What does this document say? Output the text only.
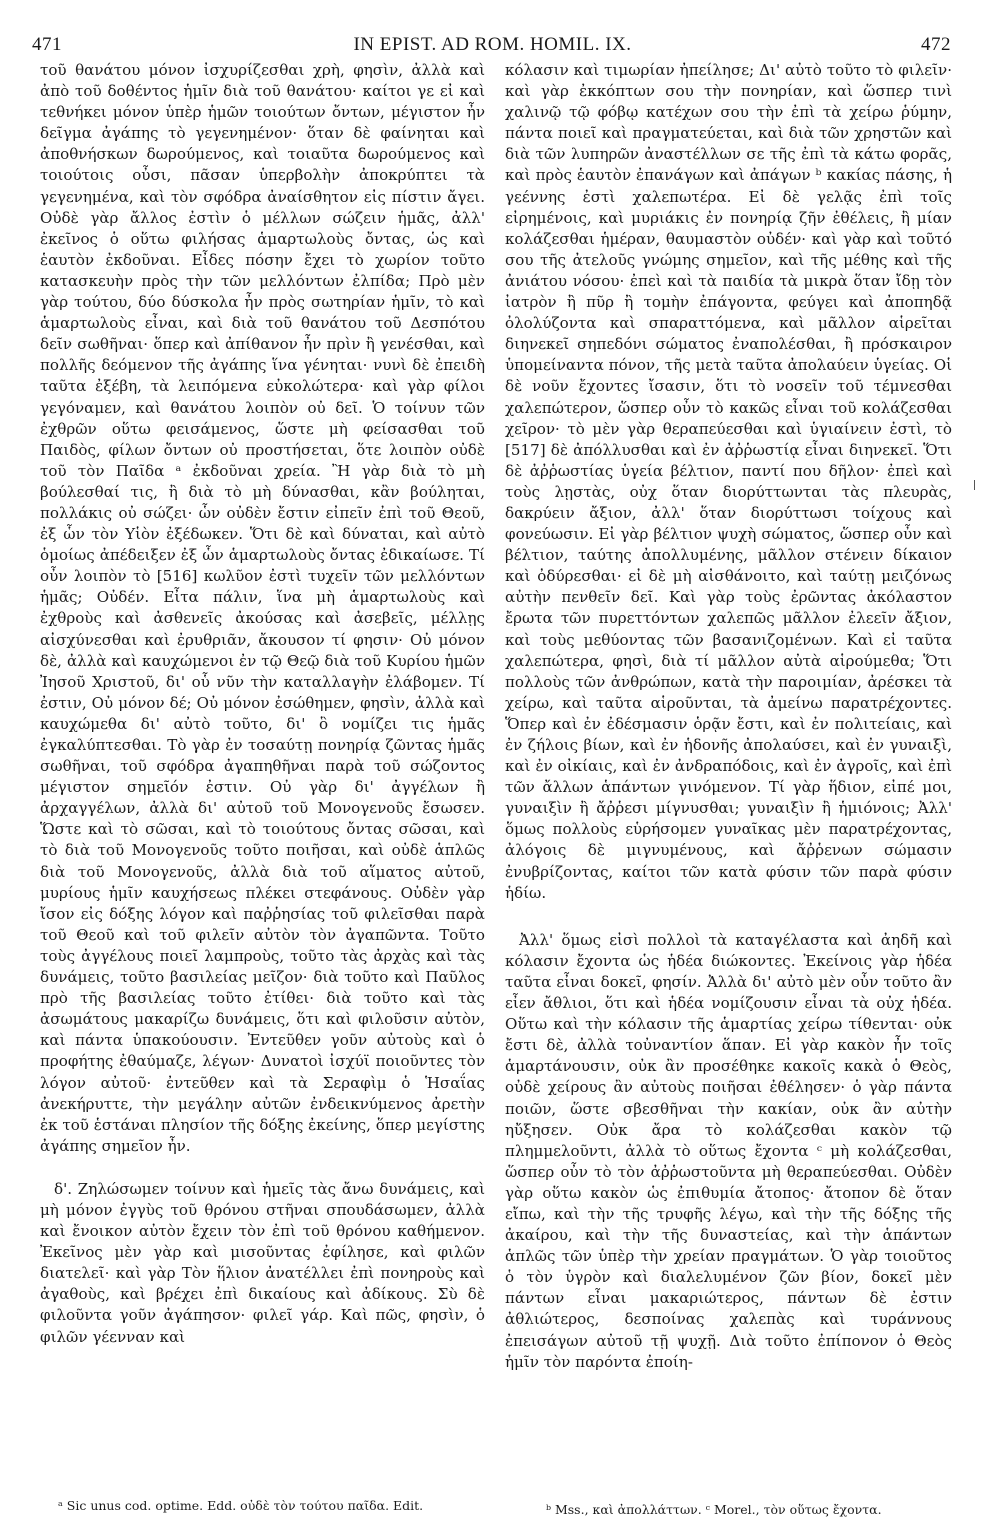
471	IN EPIST. AD ROM. HOMIL. IX.	472

τοῦ θανάτου μόνον ἰσχυρίζεσθαι χρὴ, φησὶν, ἀλλὰ καὶ ἀπὸ τοῦ δοθέντος ἡμῖν διὰ τοῦ θανάτου· καίτοι γε εἰ καὶ τεθνήκει μόνον ὑπὲρ ἡμῶν τοιούτων ὄντων, μέγιστον ἦν δεῖγμα ἀγάπης τὸ γεγενημένον· ὅταν δὲ φαίνηται καὶ ἀποθνήσκων δωρούμενος, καὶ τοιαῦτα δωρούμενος καὶ τοιούτοις οὖσι, πᾶσαν ὑπερβολὴν ἀποκρύπτει τὰ γεγενημένα, καὶ τὸν σφόδρα ἀναίσθητον εἰς πίστιν ἄγει. Οὐδὲ γὰρ ἄλλος ἐστὶν ὁ μέλλων σώζειν ἡμᾶς, ἀλλ' ἐκεῖνος ὁ οὕτω φιλήσας ἁμαρτωλοὺς ὄντας, ὡς καὶ ἑαυτὸν ἐκδοῦναι. Εἶδες πόσην ἔχει τὸ χωρίον τοῦτο κατασκευὴν πρὸς τὴν τῶν μελλόντων ἐλπίδα; Πρὸ μὲν γὰρ τούτου, δύο δύσκολα ἦν πρὸς σωτηρίαν ἡμῖν, τὸ καὶ ἁμαρτωλοὺς εἶναι, καὶ διὰ τοῦ θανάτου τοῦ Δεσπότου δεῖν σωθῆναι· ὅπερ καὶ ἀπίθανον ἦν πρὶν ἢ γενέσθαι, καὶ πολλῆς δεόμενον τῆς ἀγάπης ἵνα γένηται· νυνὶ δὲ ἐπειδὴ ταῦτα ἐξέβη, τὰ λειπόμενα εὐκολώτερα· καὶ γὰρ φίλοι γεγόναμεν, καὶ θανάτου λοιπὸν οὐ δεῖ. Ὁ τοίνυν τῶν ἐχθρῶν οὕτω φεισάμενος, ὥστε μὴ φείσασθαι τοῦ Παιδὸς, φίλων ὄντων οὐ προστήσεται, ὅτε λοιπὸν οὐδὲ τοῦ τὸν Παῖδα ᵃ ἐκδοῦναι χρεία. Ἢ γὰρ διὰ τὸ μὴ βούλεσθαί τις, ἢ διὰ τὸ μὴ δύνασθαι, κἂν βούληται, πολλάκις οὐ σώζει· ὧν οὐδὲν ἔστιν εἰπεῖν ἐπὶ τοῦ Θεοῦ, ἐξ ὧν τὸν Υἱὸν ἐξέδωκεν. Ὅτι δὲ καὶ δύναται, καὶ αὐτὸ ὁμοίως ἀπέδειξεν ἐξ ὧν ἁμαρτωλοὺς ὄντας ἐδικαίωσε. Τί οὖν λοιπὸν τὸ [516] κωλῦον ἐστὶ τυχεῖν τῶν μελλόντων ἡμᾶς; Οὐδέν. Εἶτα πάλιν, ἵνα μὴ ἁμαρτωλοὺς καὶ ἐχθροὺς καὶ ἀσθενεῖς ἀκούσας καὶ ἀσεβεῖς, μέλλῃς αἰσχύνεσθαι καὶ ἐρυθριᾶν, ἄκουσον τί φησιν· Οὐ μόνον δὲ, ἀλλὰ καὶ καυχώμενοι ἐν τῷ Θεῷ διὰ τοῦ Κυρίου ἡμῶν Ἰησοῦ Χριστοῦ, δι' οὗ νῦν τὴν καταλλαγὴν ἐλάβομεν. Τί ἐστιν, Οὐ μόνον δέ; Οὐ μόνον ἐσώθημεν, φησὶν, ἀλλὰ καὶ καυχώμεθα δι' αὐτὸ τοῦτο, δι' ὃ νομίζει τις ἡμᾶς ἐγκαλύπτεσθαι. Τὸ γὰρ ἐν τοσαύτῃ πονηρίᾳ ζῶντας ἡμᾶς σωθῆναι, τοῦ σφόδρα ἀγαπηθῆναι παρὰ τοῦ σώζοντος μέγιστον σημεῖόν ἐστιν. Οὐ γὰρ δι' ἀγγέλων ἢ ἀρχαγγέλων, ἀλλὰ δι' αὐτοῦ τοῦ Μονογενοῦς ἔσωσεν. Ὥστε καὶ τὸ σῶσαι, καὶ τὸ τοιούτους ὄντας σῶσαι, καὶ τὸ διὰ τοῦ Μονογενοῦς τοῦτο ποιῆσαι, καὶ οὐδὲ ἁπλῶς διὰ τοῦ Μονογενοῦς, ἀλλὰ διὰ τοῦ αἵματος αὐτοῦ, μυρίους ἡμῖν καυχήσεως πλέκει στεφάνους. Οὐδὲν γὰρ ἴσον εἰς δόξης λόγον καὶ παῤῥησίας τοῦ φιλεῖσθαι παρὰ τοῦ Θεοῦ καὶ τοῦ φιλεῖν αὐτὸν τὸν ἀγαπῶντα. Τοῦτο τοὺς ἀγγέλους ποιεῖ λαμπροὺς, τοῦτο τὰς ἀρχὰς καὶ τὰς δυνάμεις, τοῦτο βασιλείας μεῖζον· διὰ τοῦτο καὶ Παῦλος πρὸ τῆς βασιλείας τοῦτο ἐτίθει· διὰ τοῦτο καὶ τὰς ἀσωμάτους μακαρίζω δυνάμεις, ὅτι καὶ φιλοῦσιν αὐτὸν, καὶ πάντα ὑπακούουσιν. Ἐντεῦθεν γοῦν αὐτοὺς καὶ ὁ προφήτης ἐθαύμαζε, λέγων· Δυνατοὶ ἰσχύϊ ποιοῦντες τὸν λόγον αὐτοῦ· ἐντεῦθεν καὶ τὰ Σεραφὶμ ὁ Ἡσαΐας ἀνεκήρυττε, τὴν μεγάλην αὐτῶν ἐνδεικνύμενος ἀρετὴν ἐκ τοῦ ἑστάναι πλησίον τῆς δόξης ἐκείνης, ὅπερ μεγίστης ἀγάπης σημεῖον ἦν.

δ'. Ζηλώσωμεν τοίνυν καὶ ἡμεῖς τὰς ἄνω δυνάμεις, καὶ μὴ μόνον ἐγγὺς τοῦ θρόνου στῆναι σπουδάσωμεν, ἀλλὰ καὶ ἔνοικον αὐτὸν ἔχειν τὸν ἐπὶ τοῦ θρόνου καθήμενον. Ἐκεῖνος μὲν γὰρ καὶ μισοῦντας ἐφίλησε, καὶ φιλῶν διατελεῖ· καὶ γὰρ Τὸν ἥλιον ἀνατέλλει ἐπὶ πονηροὺς καὶ ἀγαθοὺς, καὶ βρέχει ἐπὶ δικαίους καὶ ἀδίκους. Σὺ δὲ φιλοῦντα γοῦν ἀγάπησον· φιλεῖ γάρ. Καὶ πῶς, φησὶν, ὁ φιλῶν γέενναν καὶ

κόλασιν καὶ τιμωρίαν ἠπείλησε; Δι' αὐτὸ τοῦτο τὸ φιλεῖν· καὶ γὰρ ἐκκόπτων σου τὴν πονηρίαν, καὶ ὥσπερ τινὶ χαλινῷ τῷ φόβῳ κατέχων σου τὴν ἐπὶ τὰ χείρω ῥύμην, πάντα ποιεῖ καὶ πραγματεύεται, καὶ διὰ τῶν χρηστῶν καὶ διὰ τῶν λυπηρῶν ἀναστέλλων σε τῆς ἐπὶ τὰ κάτω φορᾶς, καὶ πρὸς ἑαυτὸν ἐπανάγων καὶ ἀπάγων ᵇ κακίας πάσης, ἡ γεέννης ἐστὶ χαλεπωτέρα. Εἰ δὲ γελᾷς ἐπὶ τοῖς εἰρημένοις, καὶ μυριάκις ἐν πονηρίᾳ ζῆν ἐθέλεις, ἢ μίαν κολάζεσθαι ἡμέραν, θαυμαστὸν οὐδέν· καὶ γὰρ καὶ τοῦτό σου τῆς ἀτελοῦς γνώμης σημεῖον, καὶ τῆς μέθης καὶ τῆς ἀνιάτου νόσου· ἐπεὶ καὶ τὰ παιδία τὰ μικρὰ ὅταν ἴδῃ τὸν ἰατρὸν ἢ πῦρ ἢ τομὴν ἐπάγοντα, φεύγει καὶ ἀποπηδᾷ ὀλολύζοντα καὶ σπαραττόμενα, καὶ μᾶλλον αἱρεῖται διηνεκεῖ σηπεδόνι σώματος ἐναπολέσθαι, ἢ πρόσκαιρον ὑπομείναντα πόνον, τῆς μετὰ ταῦτα ἀπολαύειν ὑγείας. Οἱ δὲ νοῦν ἔχοντες ἴσασιν, ὅτι τὸ νοσεῖν τοῦ τέμνεσθαι χαλεπώτερον, ὥσπερ οὖν τὸ κακῶς εἶναι τοῦ κολάζεσθαι χεῖρον· τὸ μὲν γὰρ θεραπεύεσθαι καὶ ὑγιαίνειν ἐστὶ, τὸ [517] δὲ ἀπόλλυσθαι καὶ ἐν ἀῤῥωστίᾳ εἶναι διηνεκεῖ. Ὅτι δὲ ἀῤῥωστίας ὑγεία βέλτιον, παντί που δῆλον· ἐπεὶ καὶ τοὺς λῃστὰς, οὐχ ὅταν διορύττωνται τὰς πλευρὰς, δακρύειν ἄξιον, ἀλλ' ὅταν διορύττωσι τοίχους καὶ φονεύωσιν. Εἰ γὰρ βέλτιον ψυχὴ σώματος, ὥσπερ οὖν καὶ βέλτιον, ταύτης ἀπολλυμένης, μᾶλλον στένειν δίκαιον καὶ ὀδύρεσθαι· εἰ δὲ μὴ αἰσθάνοιτο, καὶ ταύτῃ μειζόνως αὐτὴν πενθεῖν δεῖ. Καὶ γὰρ τοὺς ἐρῶντας ἀκόλαστον ἔρωτα τῶν πυρεττόντων χαλεπῶς μᾶλλον ἐλεεῖν ἄξιον, καὶ τοὺς μεθύοντας τῶν βασανιζομένων. Καὶ εἰ ταῦτα χαλεπώτερα, φησὶ, διὰ τί μᾶλλον αὐτὰ αἱρούμεθα; Ὅτι πολλοὺς τῶν ἀνθρώπων, κατὰ τὴν παροιμίαν, ἀρέσκει τὰ χείρω, καὶ ταῦτα αἱροῦνται, τὰ ἀμείνω παρατρέχοντες. Ὅπερ καὶ ἐν ἐδέσμασιν ὁρᾷν ἔστι, καὶ ἐν πολιτείαις, καὶ ἐν ζήλοις βίων, καὶ ἐν ἡδονῆς ἀπολαύσει, καὶ ἐν γυναιξὶ, καὶ ἐν οἰκίαις, καὶ ἐν ἀνδραπόδοις, καὶ ἐν ἀγροῖς, καὶ ἐπὶ τῶν ἄλλων ἁπάντων γινόμενον. Τί γὰρ ἥδιον, εἰπέ μοι, γυναιξὶν ἢ ἄῤῥεσι μίγνυσθαι; γυναιξὶν ἢ ἡμιόνοις; Ἀλλ' ὅμως πολλοὺς εὑρήσομεν γυναῖκας μὲν παρατρέχοντας, ἀλόγοις δὲ μιγνυμένους, καὶ ἄῤῥενων σώμασιν ἐνυβρίζοντας, καίτοι τῶν κατὰ φύσιν τῶν παρὰ φύσιν ἡδίω.

Ἀλλ' ὅμως εἰσὶ πολλοὶ τὰ καταγέλαστα καὶ ἀηδῆ καὶ κόλασιν ἔχοντα ὡς ἡδέα διώκοντες. Ἐκείνοις γὰρ ἡδέα ταῦτα εἶναι δοκεῖ, φησίν. Ἀλλὰ δι' αὐτὸ μὲν οὖν τοῦτο ἂν εἶεν ἄθλιοι, ὅτι καὶ ἡδέα νομίζουσιν εἶναι τὰ οὐχ ἡδέα. Οὕτω καὶ τὴν κόλασιν τῆς ἁμαρτίας χείρω τίθενται· οὐκ ἔστι δὲ, ἀλλὰ τοὐναντίον ἅπαν. Εἰ γὰρ κακὸν ἦν τοῖς ἁμαρτάνουσιν, οὐκ ἂν προσέθηκε κακοῖς κακὰ ὁ Θεὸς, οὐδὲ χείρους ἂν αὐτοὺς ποιῆσαι ἐθέλησεν· ὁ γὰρ πάντα ποιῶν, ὥστε σβεσθῆναι τὴν κακίαν, οὐκ ἂν αὐτὴν ηὔξησεν. Οὐκ ἄρα τὸ κολάζεσθαι κακὸν τῷ πλημμελοῦντι, ἀλλὰ τὸ οὕτως ἔχοντα ᶜ μὴ κολάζεσθαι, ὥσπερ οὖν τὸ τὸν ἀῤῥωστοῦντα μὴ θεραπεύεσθαι. Οὐδὲν γὰρ οὕτω κακὸν ὡς ἐπιθυμία ἄτοπος· ἄτοπον δὲ ὅταν εἴπω, καὶ τὴν τῆς τρυφῆς λέγω, καὶ τὴν τῆς δόξης τῆς ἀκαίρου, καὶ τὴν τῆς δυναστείας, καὶ τὴν ἁπάντων ἁπλῶς τῶν ὑπὲρ τὴν χρείαν πραγμάτων. Ὁ γὰρ τοιοῦτος ὁ τὸν ὑγρὸν καὶ διαλελυμένον ζῶν βίον, δοκεῖ μὲν πάντων εἶναι μακαριώτερος, πάντων δὲ ἐστιν ἀθλιώτερος, δεσποίνας χαλεπὰς καὶ τυράννους ἐπεισάγων αὐτοῦ τῇ ψυχῇ. Διὰ τοῦτο ἐπίπονον ὁ Θεὸς ἡμῖν τὸν παρόντα ἐποίη-

ᵃ Sic unus cod. optime. Edd. οὐδὲ τὸν τούτου παῖδα. Edit.	ᵇ Mss., καὶ ἀπολλάττων. ᶜ Morel., τὸν οὕτως ἔχοντα.
